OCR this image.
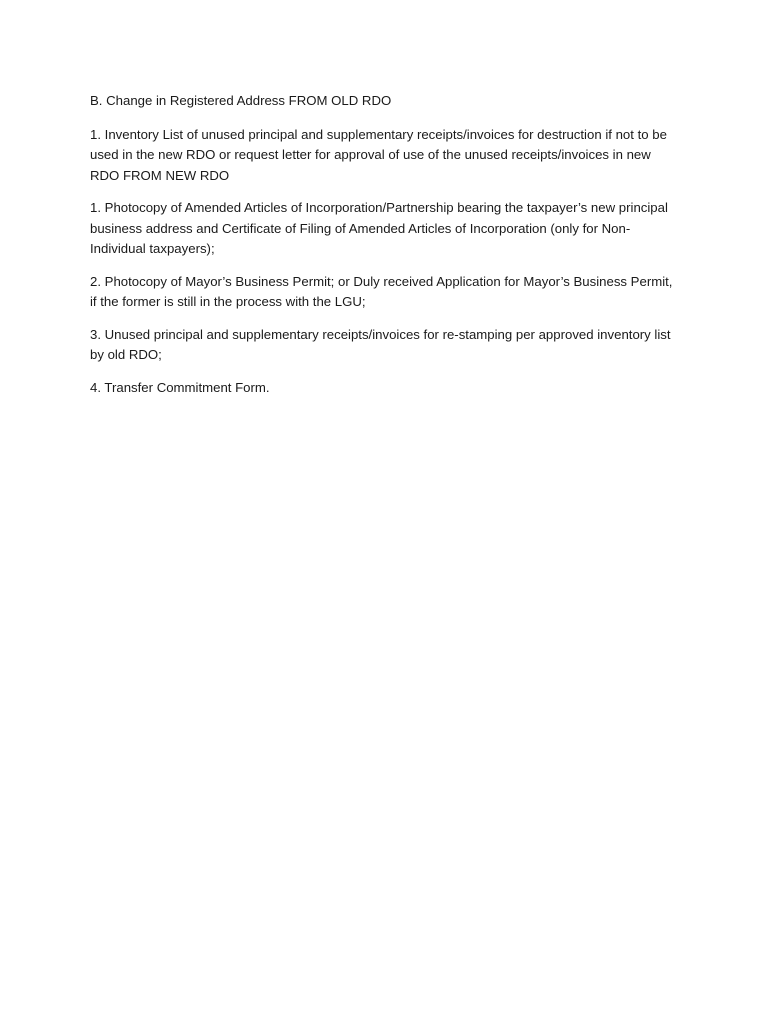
B. Change in Registered Address FROM OLD RDO

1. Inventory List of unused principal and supplementary receipts/invoices for destruction if not to be used in the new RDO or request letter for approval of use of the unused receipts/invoices in new RDO FROM NEW RDO

1. Photocopy of Amended Articles of Incorporation/Partnership bearing the taxpayer’s new principal business address and Certificate of Filing of Amended Articles of Incorporation (only for Non-Individual taxpayers);

2. Photocopy of Mayor’s Business Permit; or Duly received Application for Mayor’s Business Permit, if the former is still in the process with the LGU;

3. Unused principal and supplementary receipts/invoices for re-stamping per approved inventory list by old RDO;

4. Transfer Commitment Form.
